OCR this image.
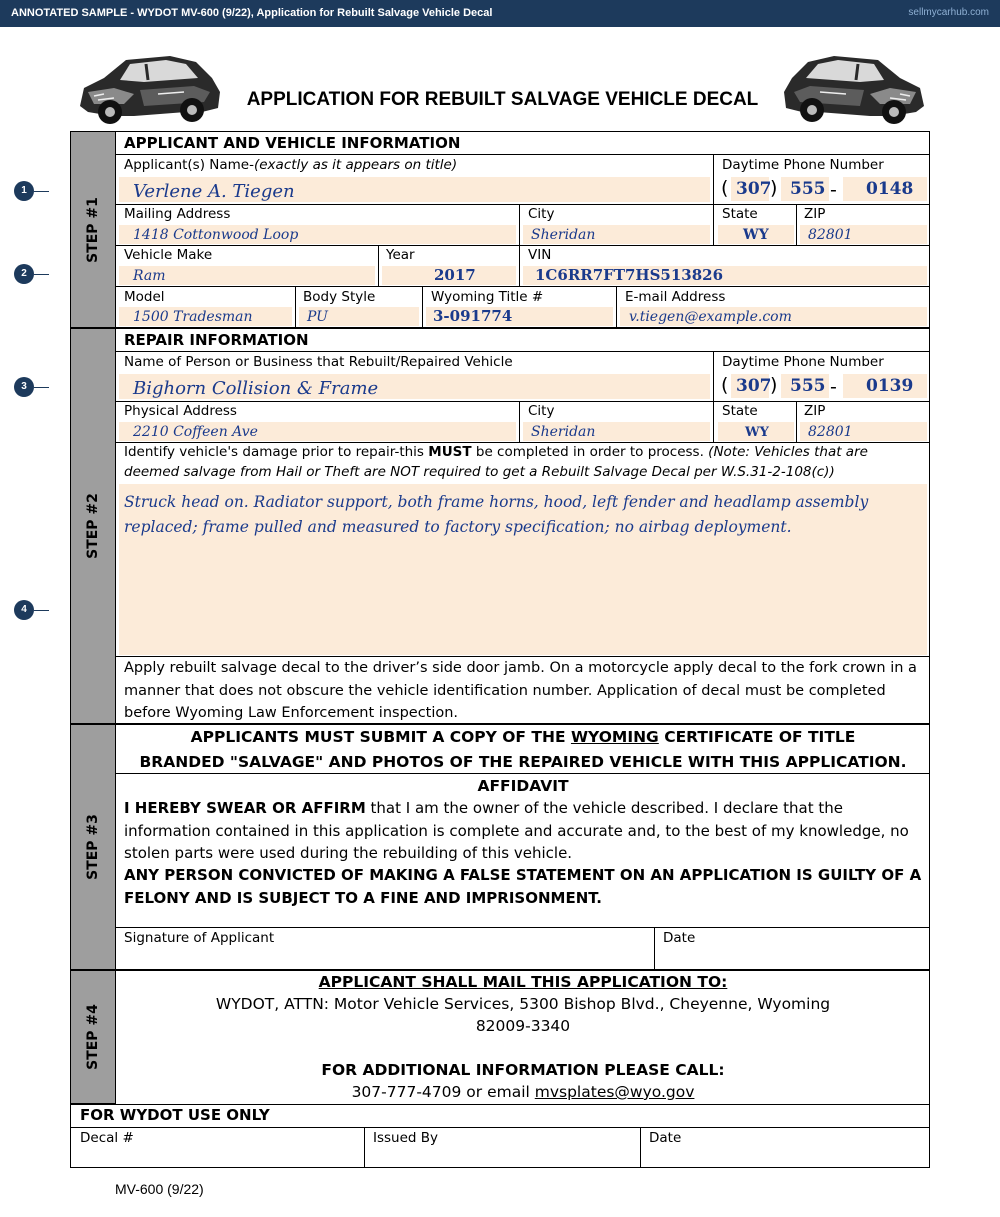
ANNOTATED SAMPLE - WYDOT MV-600 (9/22), Application for Rebuilt Salvage Vehicle Decal	sellmycarhub.com
APPLICATION FOR REBUILT SALVAGE VEHICLE DECAL
STEP #1
STEP #2
STEP #3
STEP #4
APPLICANT AND VEHICLE INFORMATION
Applicant(s) Name-(exactly as it appears on title)	Daytime Phone Number
Verlene A. Tiegen	( 307
) 555 - 0148
Mailing Address	City	State	ZIP
1418 Cottonwood Loop	Sheridan	WY	82801
Vehicle Make	Year	VIN
Ram	2017	1C6RR7FT7HS513826
Model	Body Style	Wyoming Title #	E-mail Address
1500 Tradesman	PU	3-091774	v.tiegen@example.com
REPAIR INFORMATION
Name of Person or Business that Rebuilt/Repaired Vehicle	Daytime Phone Number
Bighorn Collision & Frame	( 307
) 555 - 0139
Physical Address	City	State	ZIP
2210 Coffeen Ave	Sheridan	WY	82801
Identify vehicle's damage prior to repair-this MUST be completed in order to process. (Note: Vehicles that are
deemed salvage from Hail or Theft are NOT required to get a Rebuilt Salvage Decal per W.S.31-2-108(c))
Struck head on. Radiator support, both frame horns, hood, left fender and headlamp assembly replaced; frame pulled and measured to factory specification; no airbag deployment.
Apply rebuilt salvage decal to the driver’s side door jamb. On a motorcycle apply decal to the fork crown in a manner that does not obscure the vehicle identification number. Application of decal must be completed before Wyoming Law Enforcement inspection.
APPLICANTS MUST SUBMIT A COPY OF THE WYOMING CERTIFICATE OF TITLE
BRANDED "SALVAGE" AND PHOTOS OF THE REPAIRED VEHICLE WITH THIS APPLICATION.
AFFIDAVIT
I HEREBY SWEAR OR AFFIRM that I am the owner of the vehicle described. I declare that the information contained in this application is complete and accurate and, to the best of my knowledge, no stolen parts were used during the rebuilding of this vehicle.
ANY PERSON CONVICTED OF MAKING A FALSE STATEMENT ON AN APPLICATION IS GUILTY OF A FELONY AND IS SUBJECT TO A FINE AND IMPRISONMENT.
Signature of Applicant	Date
APPLICANT SHALL MAIL THIS APPLICATION TO:
WYDOT, ATTN: Motor Vehicle Services, 5300 Bishop Blvd., Cheyenne, Wyoming
82009-3340
FOR ADDITIONAL INFORMATION PLEASE CALL:
307-777-4709 or email mvsplates@wyo.gov
FOR WYDOT USE ONLY
Decal #	Issued By	Date
MV-600 (9/22)
1
2
3
4
